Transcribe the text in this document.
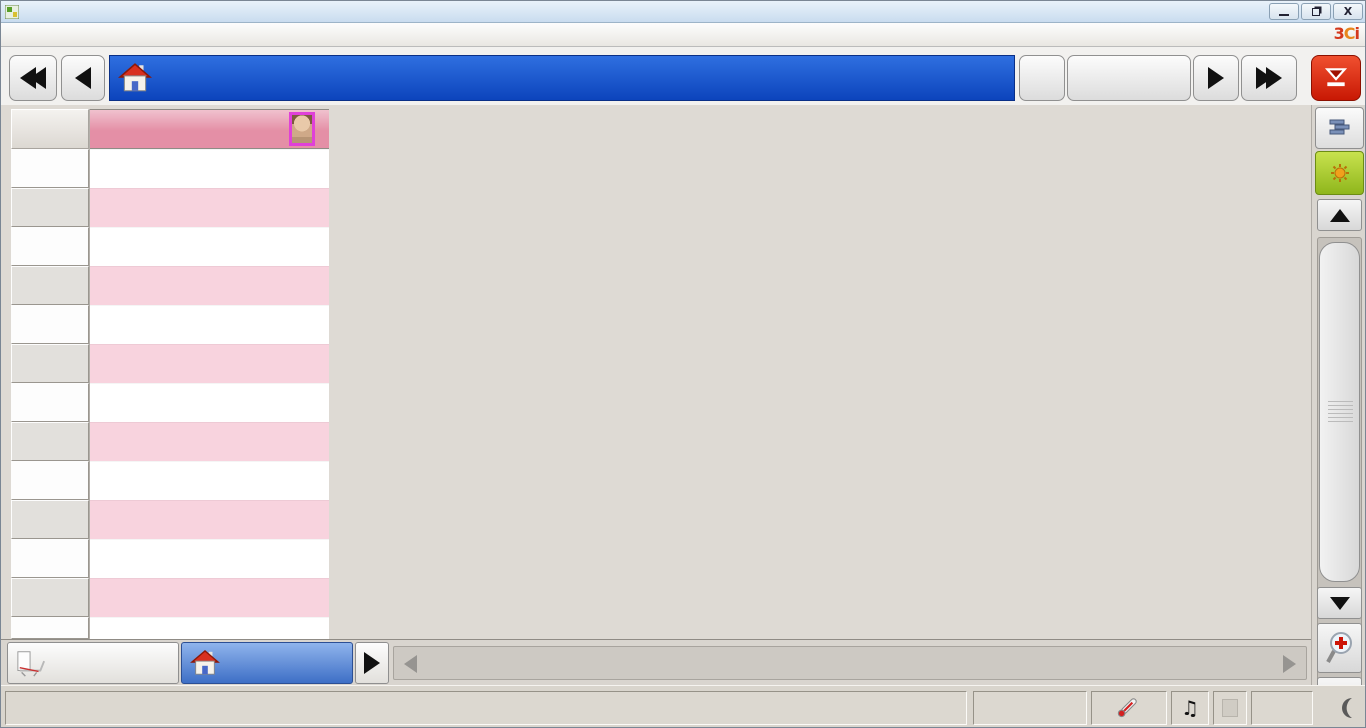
X
3Ci
♫
